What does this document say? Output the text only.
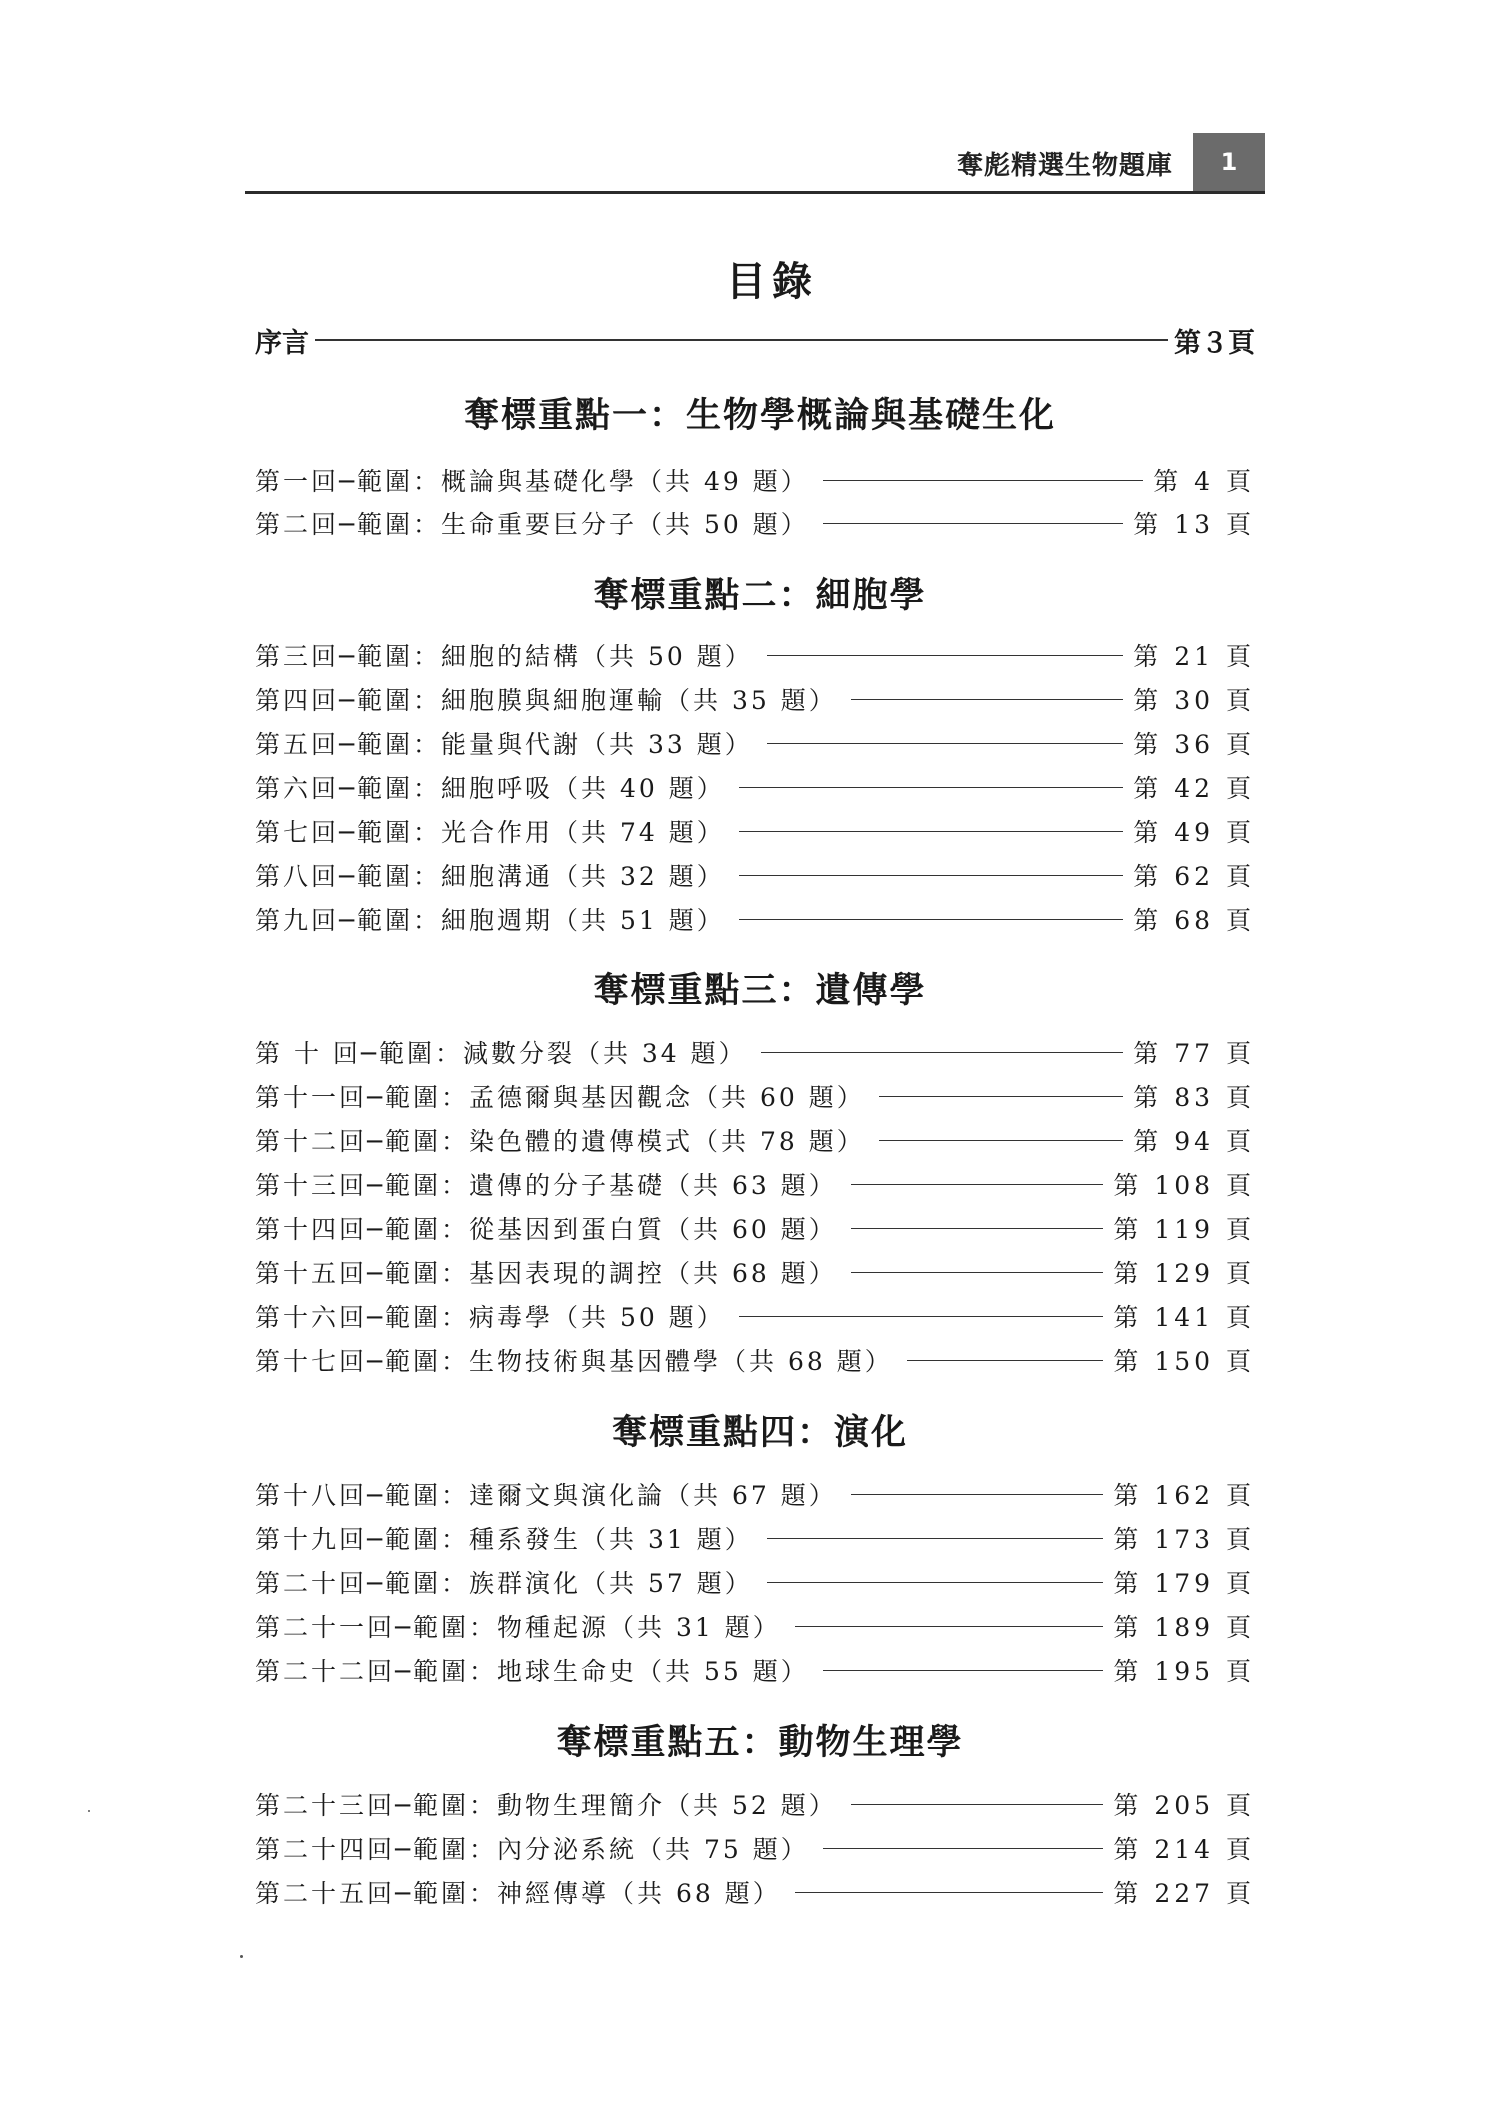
奪彪精選生物題庫	1
目錄
序言	第３頁
奪標重點一：生物學概論與基礎生化
第一回─範圍：概論與基礎化學（共 49 題）	第 4 頁
第二回─範圍：生命重要巨分子（共 50 題）	第 13 頁
奪標重點二：細胞學
第三回─範圍：細胞的結構（共 50 題）	第 21 頁
第四回─範圍：細胞膜與細胞運輸（共 35 題）	第 30 頁
第五回─範圍：能量與代謝（共 33 題）	第 36 頁
第六回─範圍：細胞呼吸（共 40 題）	第 42 頁
第七回─範圍：光合作用（共 74 題）	第 49 頁
第八回─範圍：細胞溝通（共 32 題）	第 62 頁
第九回─範圍：細胞週期（共 51 題）	第 68 頁
奪標重點三：遺傳學
第 十 回─範圍：減數分裂（共 34 題）	第 77 頁
第十一回─範圍：孟德爾與基因觀念（共 60 題）	第 83 頁
第十二回─範圍：染色體的遺傳模式（共 78 題）	第 94 頁
第十三回─範圍：遺傳的分子基礎（共 63 題）	第 108 頁
第十四回─範圍：從基因到蛋白質（共 60 題）	第 119 頁
第十五回─範圍：基因表現的調控（共 68 題）	第 129 頁
第十六回─範圍：病毒學（共 50 題）	第 141 頁
第十七回─範圍：生物技術與基因體學（共 68 題）	第 150 頁
奪標重點四：演化
第十八回─範圍：達爾文與演化論（共 67 題）	第 162 頁
第十九回─範圍：種系發生（共 31 題）	第 173 頁
第二十回─範圍：族群演化（共 57 題）	第 179 頁
第二十一回─範圍：物種起源（共 31 題）	第 189 頁
第二十二回─範圍：地球生命史（共 55 題）	第 195 頁
奪標重點五：動物生理學
第二十三回─範圍：動物生理簡介（共 52 題）	第 205 頁
第二十四回─範圍：內分泌系統（共 75 題）	第 214 頁
第二十五回─範圍：神經傳導（共 68 題）	第 227 頁
